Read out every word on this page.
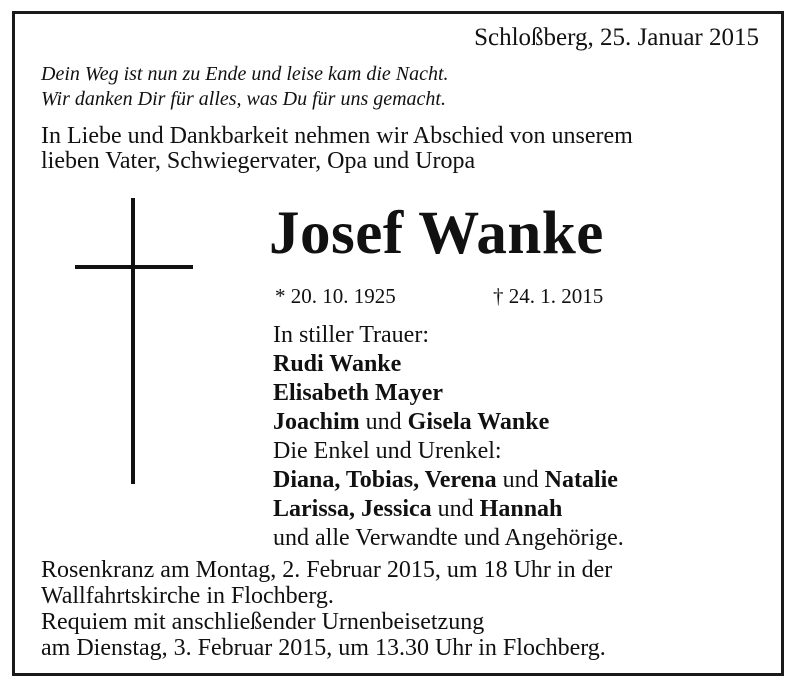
Schloßberg, 25. Januar 2015
Dein Weg ist nun zu Ende und leise kam die Nacht.
Wir danken Dir für alles, was Du für uns gemacht.
In Liebe und Dankbarkeit nehmen wir Abschied von unserem
lieben Vater, Schwiegervater, Opa und Uropa
Josef Wanke
* 20. 10. 1925	† 24. 1. 2015
In stiller Trauer:
Rudi Wanke
Elisabeth Mayer
Joachim und Gisela Wanke
Die Enkel und Urenkel:
Diana, Tobias, Verena und Natalie
Larissa, Jessica und Hannah
und alle Verwandte und Angehörige.
Rosenkranz am Montag, 2. Februar 2015, um 18 Uhr in der
Wallfahrtskirche in Flochberg.
Requiem mit anschließender Urnenbeisetzung
am Dienstag, 3. Februar 2015, um 13.30 Uhr in Flochberg.
